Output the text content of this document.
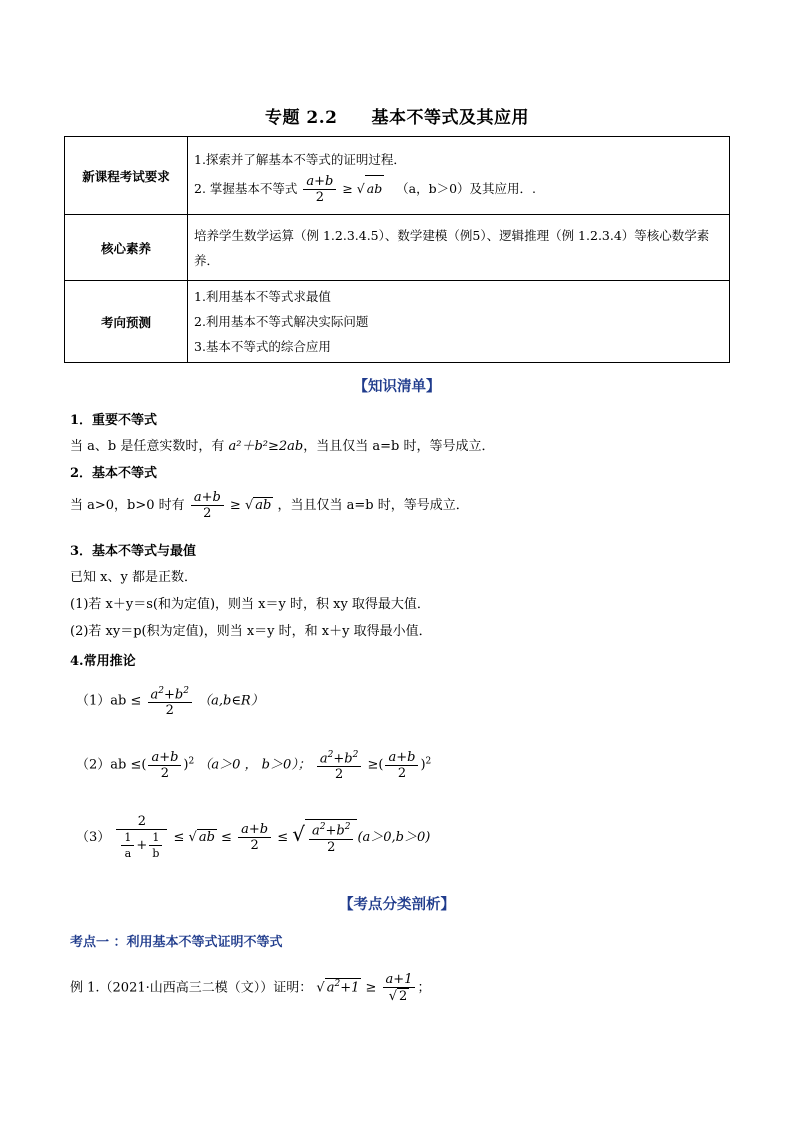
专题 2.2 基本不等式及其应用
新课程考试要求	1.探索并了解基本不等式的证明过程．
2. 掌握基本不等式 $\frac{a+b}{2}$ ≥ √ ab （a，b＞0）及其应用．.

核心素养	培养学生数学运算（例 1.2.3.4.5）、数学建模（例5）、逻辑推理（例 1.2.3.4）等核心数学素养．
考向预测	1.利用基本不等式求最值
2.利用基本不等式解决实际问题
3.基本不等式的综合应用
【知识清单】
1．重要不等式
当 a、b 是任意实数时，有 a²＋b²≥2ab，当且仅当 a=b 时，等号成立．
2．基本不等式
当 a>0，b>0 时有 $\frac{a+b}{2}$ ≥ √ ab ，当且仅当 a=b 时，等号成立．
3．基本不等式与最值
已知 x、y 都是正数．
(1)若 x＋y＝s(和为定值)，则当 x＝y 时，积 xy 取得最大值．
(2)若 xy＝p(积为定值)，则当 x＝y 时，和 x＋y 取得最小值．
4.常用推论
$(1)ab \le \frac{a^2+b^2}{2}$ （a,b∈R）
（2）ab ≤( $\frac{a+b}{2} )^2$ （a＞0 ， b＞0）； $\frac{a^2+b^2}{2}$ ≥( $\frac{a+b}{2} )^2$
$(3) \frac{2}{\frac{1}{a} + \frac{1}{b}}$ ≤ √ ab ≤ $\frac{a+b}{2}$ ≤ √ $\frac{a^2+b^2}{2} (a>0,b>0)$
【考点分类剖析】
考点一 ：利用基本不等式证明不等式
例 1.（2021·山西高三二模（文））证明： √ $a^2+1 \ge \frac{a+1}{√ 2}$ ；
